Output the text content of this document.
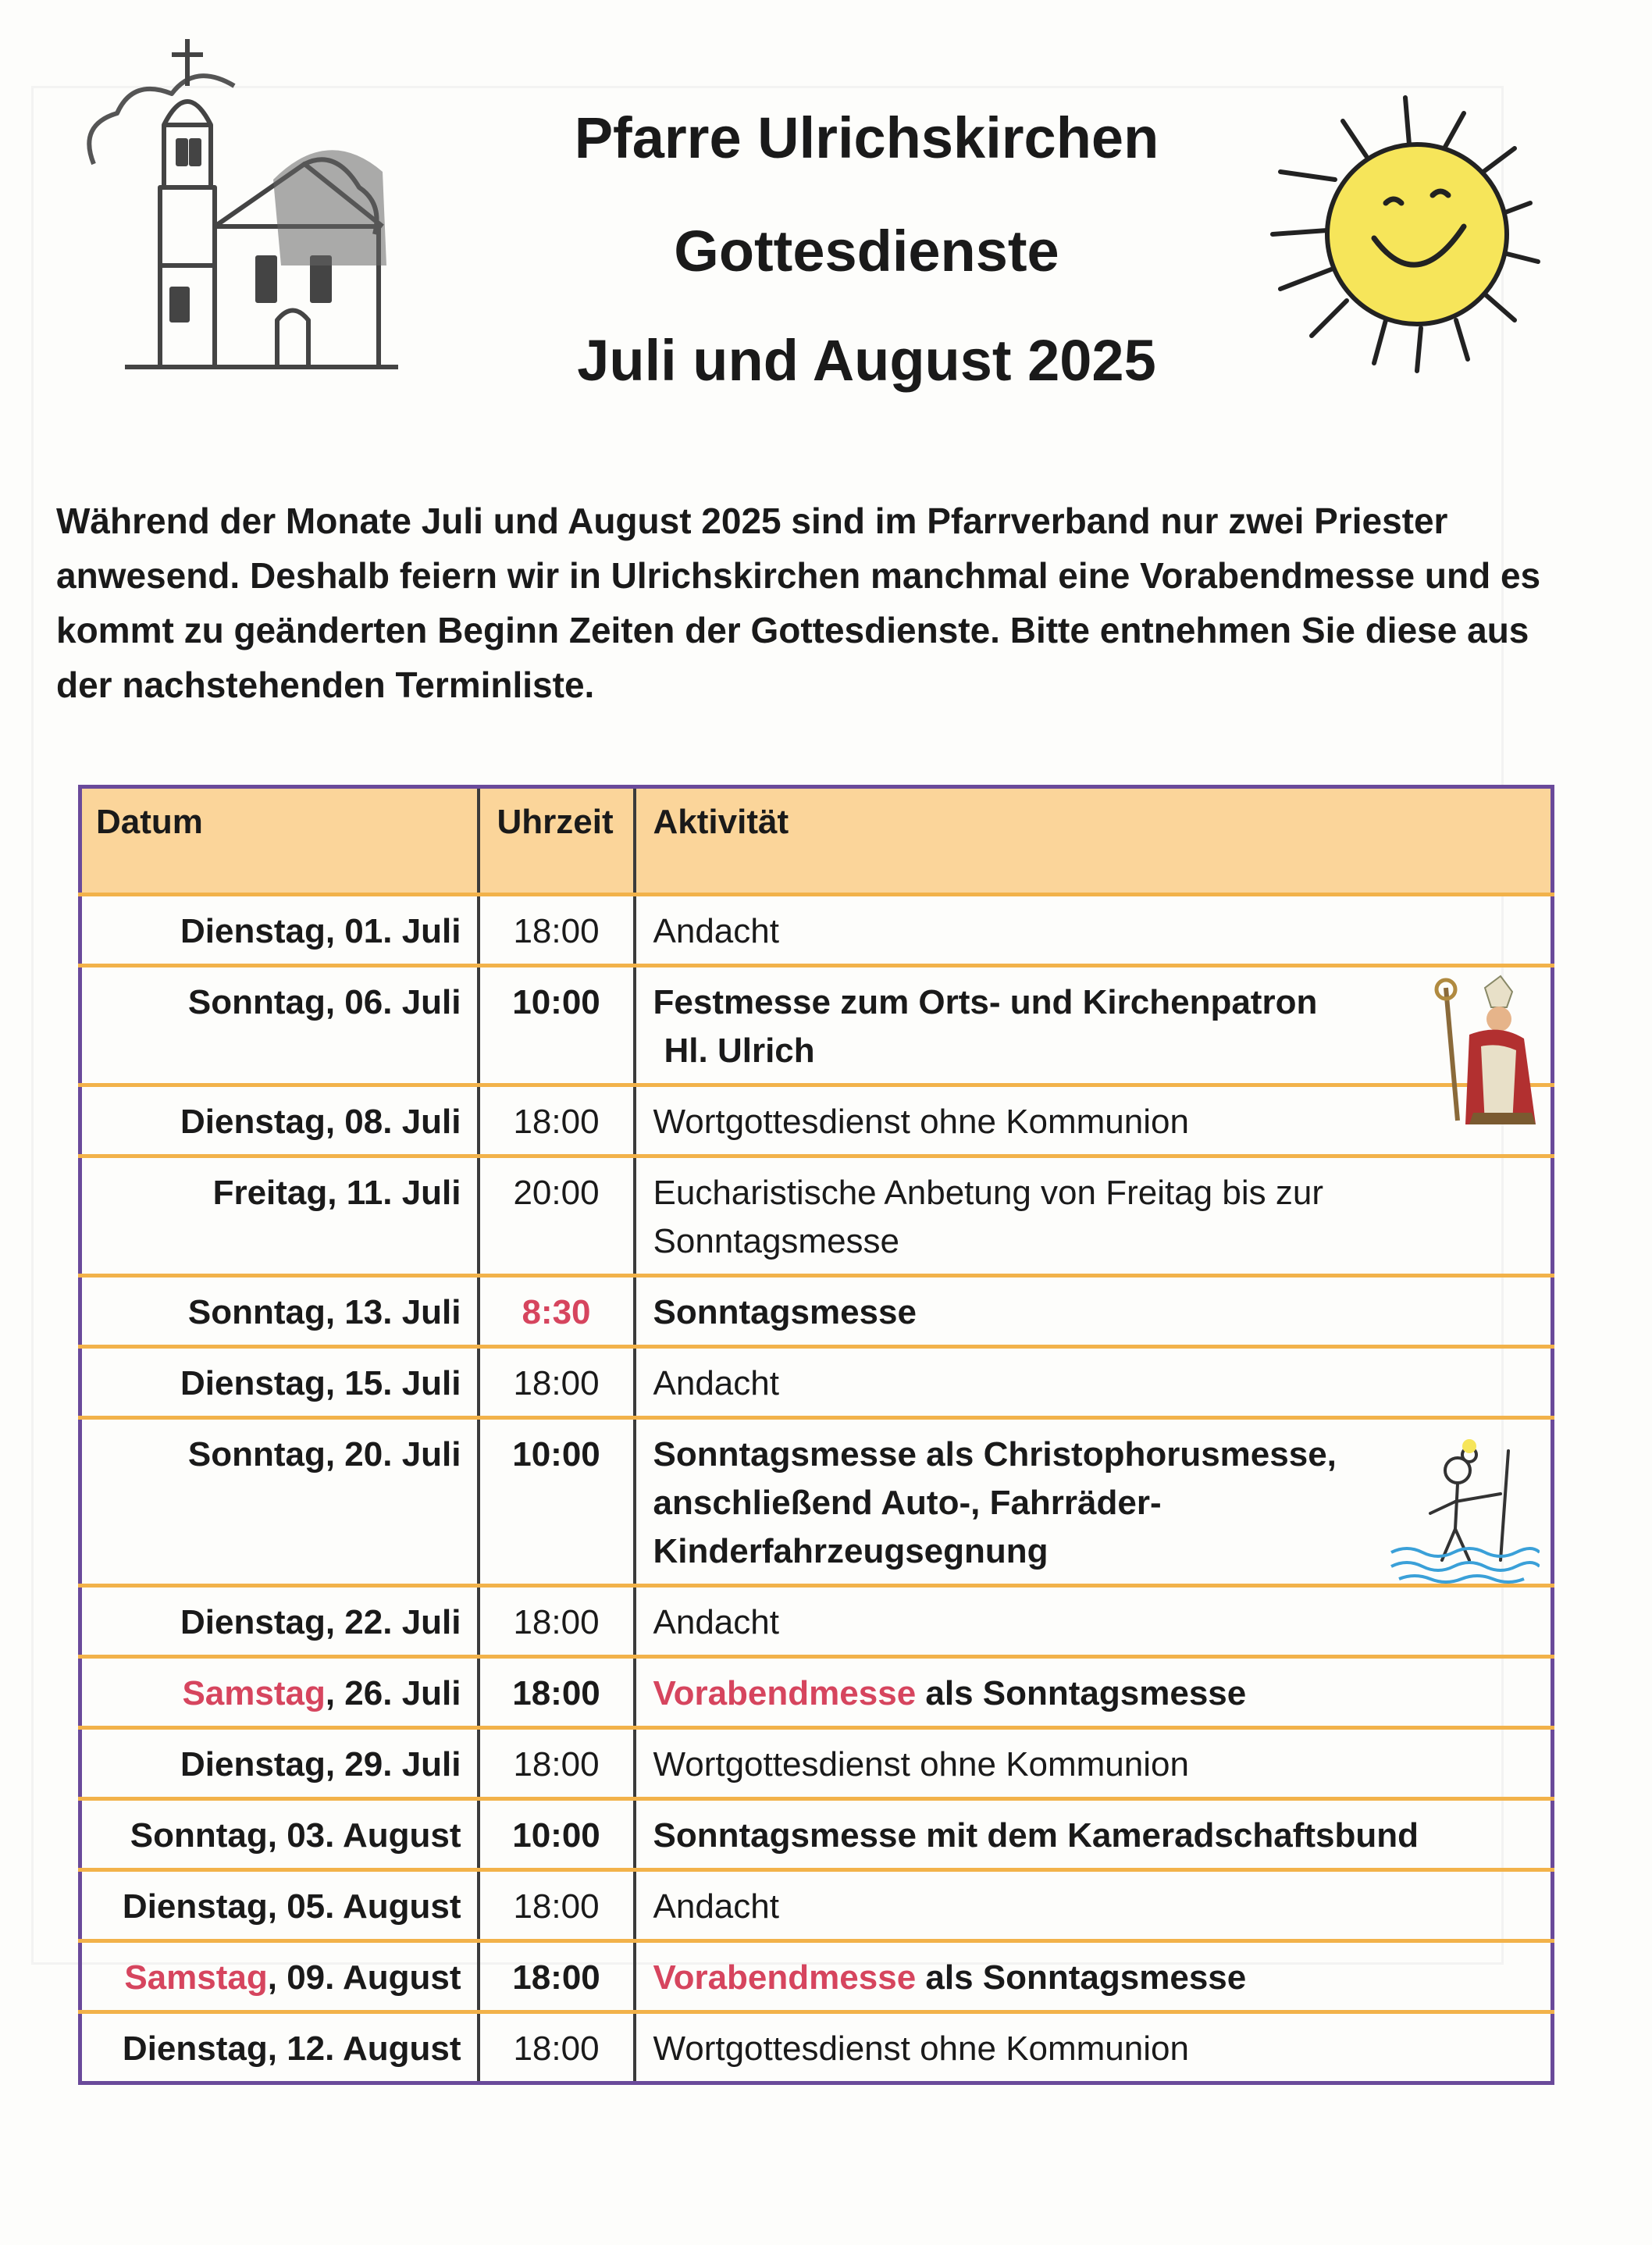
Pfarre Ulrichskirchen
Gottesdienste
Juli und August 2025
Während der Monate Juli und August 2025 sind im Pfarrverband nur zwei Priester anwesend. Deshalb feiern wir in Ulrichskirchen manchmal eine Vorabendmesse und es kommt zu geänderten Beginn Zeiten der Gottesdienste. Bitte entnehmen Sie diese aus der nachstehenden Terminliste.
Datum	Uhrzeit	Aktivität
Dienstag, 01. Juli	18:00	Andacht
Sonntag, 06. Juli	10:00	Festmesse zum Orts- und Kirchenpatron
Hl. Ulrich

Dienstag, 08. Juli	18:00	Wortgottesdienst ohne Kommunion
Freitag, 11. Juli	20:00	Eucharistische Anbetung von Freitag bis zur
Sonntagsmesse
Sonntag, 13. Juli	8:30	Sonntagsmesse
Dienstag, 15. Juli	18:00	Andacht
Sonntag, 20. Juli	10:00	Sonntagsmesse als Christophorusmesse,
anschließend Auto-, Fahrräder-
Kinderfahrzeugsegnung

Dienstag, 22. Juli	18:00	Andacht
Samstag, 26. Juli	18:00	Vorabendmesse als Sonntagsmesse
Dienstag, 29. Juli	18:00	Wortgottesdienst ohne Kommunion
Sonntag, 03. August	10:00	Sonntagsmesse mit dem Kameradschaftsbund
Dienstag, 05. August	18:00	Andacht
Samstag, 09. August	18:00	Vorabendmesse als Sonntagsmesse
Dienstag, 12. August	18:00	Wortgottesdienst ohne Kommunion
